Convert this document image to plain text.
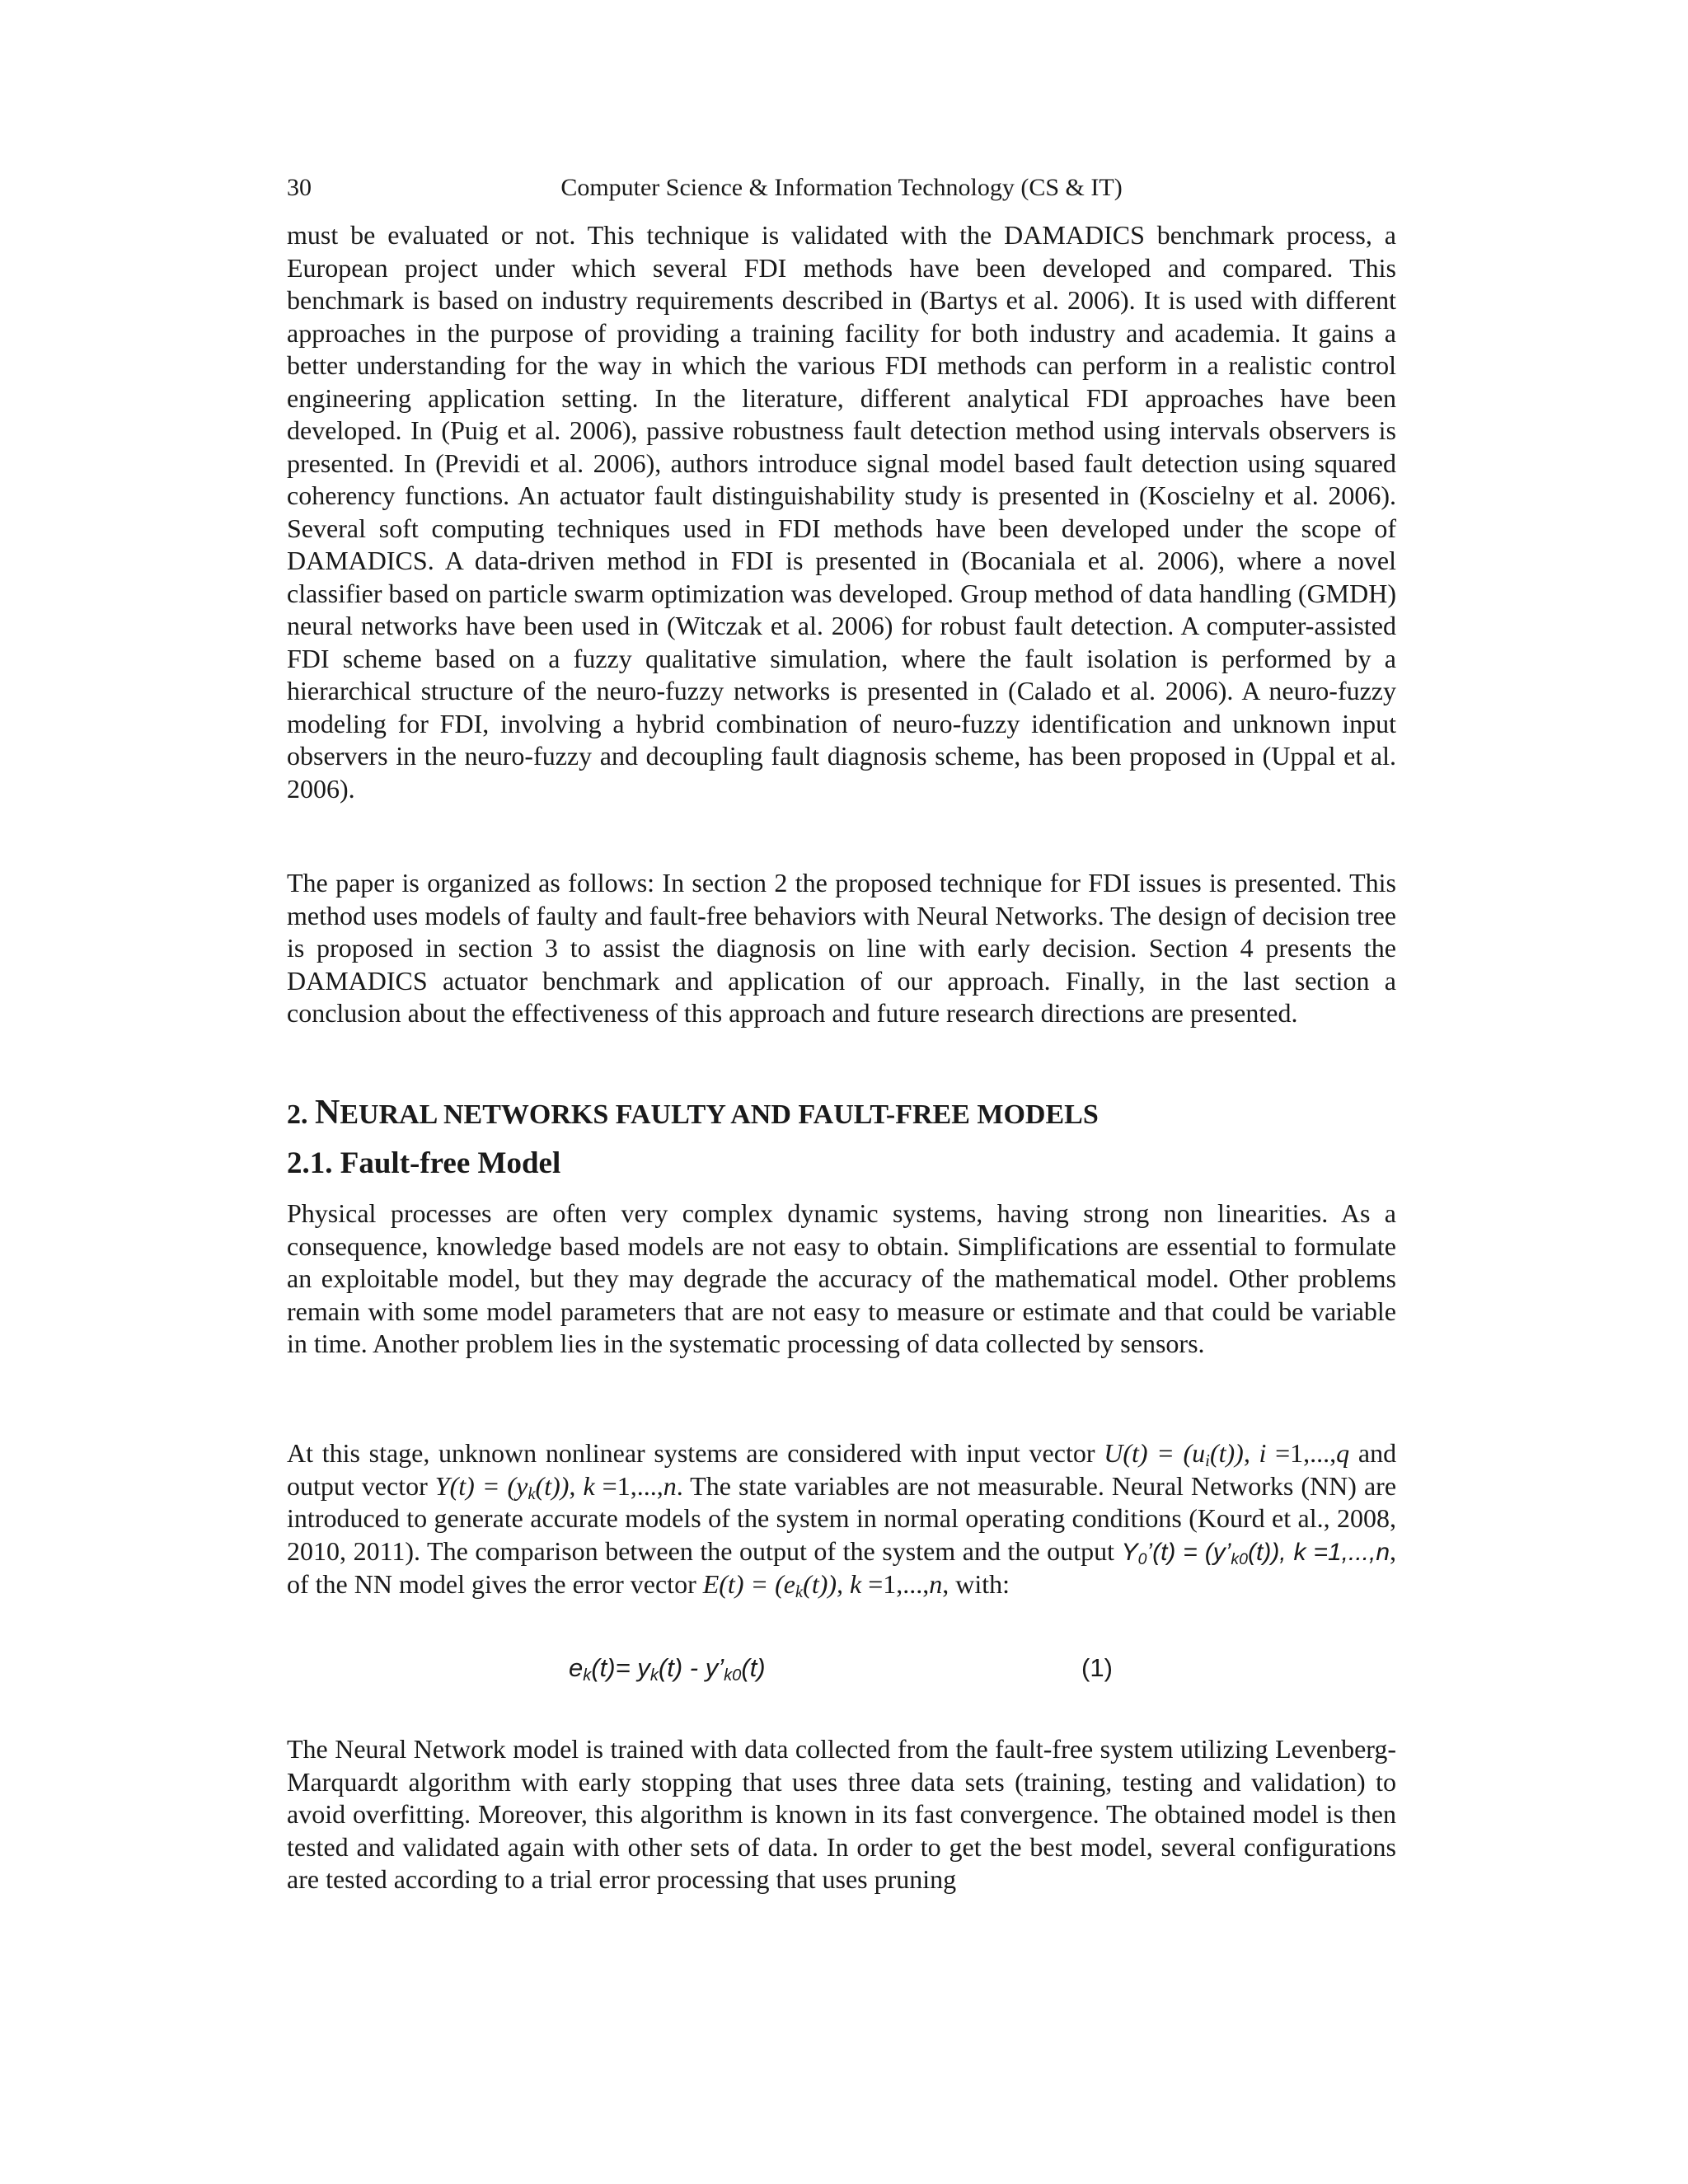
30	Computer Science & Information Technology (CS & IT)
must be evaluated or not. This technique is validated with the DAMADICS benchmark process, a European project under which several FDI methods have been developed and compared. This benchmark is based on industry requirements described in (Bartys et al. 2006). It is used with different approaches in the purpose of providing a training facility for both industry and academia. It gains a better understanding for the way in which the various FDI methods can perform in a realistic control engineering application setting. In the literature, different analytical FDI approaches have been developed. In (Puig et al. 2006), passive robustness fault detection method using intervals observers is presented. In (Previdi et al. 2006), authors introduce signal model based fault detection using squared coherency functions. An actuator fault distinguishability study is presented in (Koscielny et al. 2006). Several soft computing techniques used in FDI methods have been developed under the scope of DAMADICS. A data-driven method in FDI is presented in (Bocaniala et al. 2006), where a novel classifier based on particle swarm optimization was developed. Group method of data handling (GMDH) neural networks have been used in (Witczak et al. 2006) for robust fault detection. A computer-assisted FDI scheme based on a fuzzy qualitative simulation, where the fault isolation is performed by a hierarchical structure of the neuro-fuzzy networks is presented in (Calado et al. 2006). A neuro-fuzzy modeling for FDI, involving a hybrid combination of neuro-fuzzy identification and unknown input observers in the neuro-fuzzy and decoupling fault diagnosis scheme, has been proposed in (Uppal et al. 2006).
The paper is organized as follows: In section 2 the proposed technique for FDI issues is presented. This method uses models of faulty and fault-free behaviors with Neural Networks. The design of decision tree is proposed in section 3 to assist the diagnosis on line with early decision. Section 4 presents the DAMADICS actuator benchmark and application of our approach. Finally, in the last section a conclusion about the effectiveness of this approach and future research directions are presented.
2. NEURAL NETWORKS FAULTY AND FAULT-FREE MODELS
2.1. Fault-free Model
Physical processes are often very complex dynamic systems, having strong non linearities. As a consequence, knowledge based models are not easy to obtain. Simplifications are essential to formulate an exploitable model, but they may degrade the accuracy of the mathematical model. Other problems remain with some model parameters that are not easy to measure or estimate and that could be variable in time. Another problem lies in the systematic processing of data collected by sensors.
At this stage, unknown nonlinear systems are considered with input vector $U(t) = (u_i(t))$, i =1,...,q and output vector $Y(t) = (y_k(t))$, k =1,...,n. The state variables are not measurable. Neural Networks (NN) are introduced to generate accurate models of the system in normal operating conditions (Kourd et al., 2008, 2010, 2011). The comparison between the output of the system and the output $Y_0’(t)$ = $(y’_{k0}(t))$, k =1,...,n, of the NN model gives the error vector $E(t) = (e_k(t))$, k =1,...,n, with:
$e_k(t)= y_k(t)$ - $y’_{k0}(t)$	(1)
The Neural Network model is trained with data collected from the fault-free system utilizing Levenberg-Marquardt algorithm with early stopping that uses three data sets (training, testing and validation) to avoid overfitting. Moreover, this algorithm is known in its fast convergence. The obtained model is then tested and validated again with other sets of data. In order to get the best model, several configurations are tested according to a trial error processing that uses pruning
